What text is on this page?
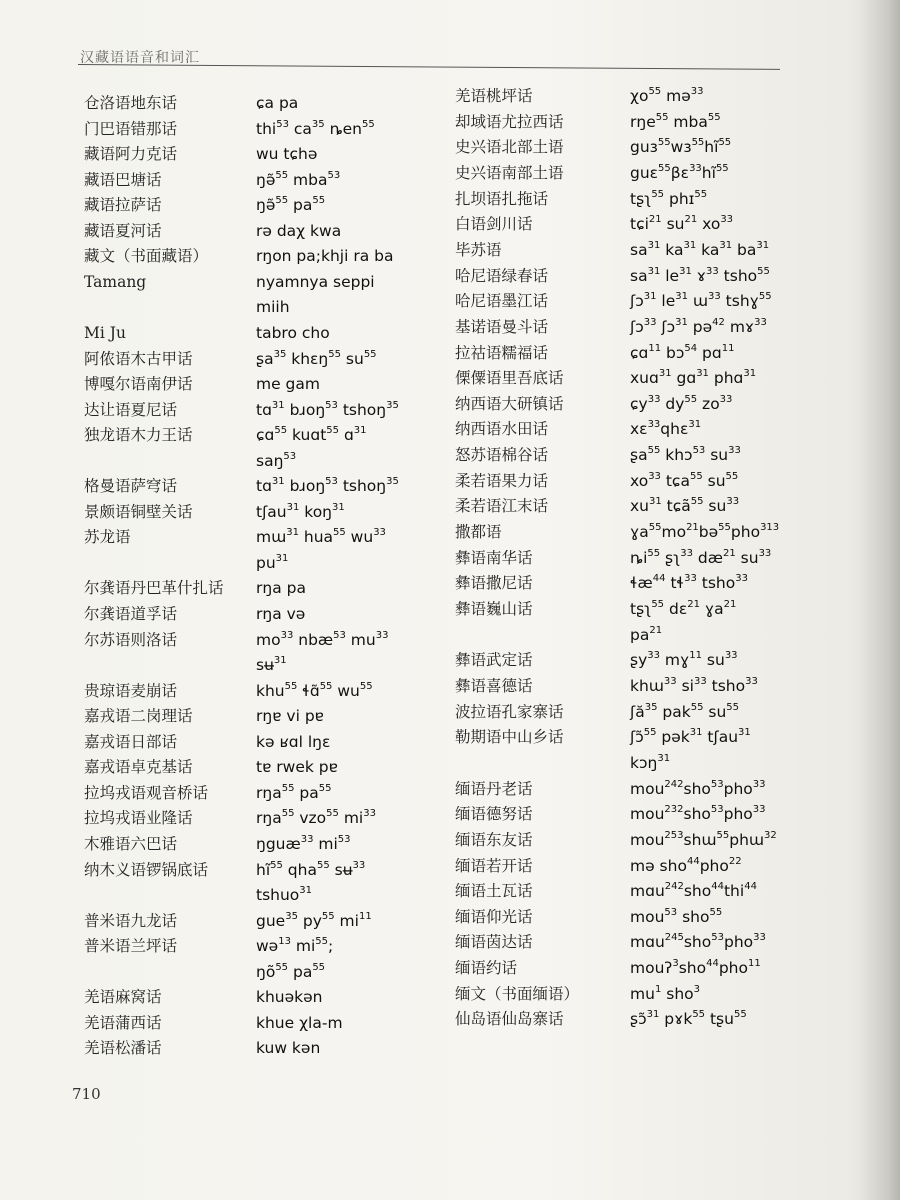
汉藏语语音和词汇
仓洛语地东话	ɕa pa
门巴语错那话	thi$^{53}$ $ca^{35}$ ȵen$^{55}$
藏语阿力克话	wu tɕhə
藏语巴塘话	ŋə̃$^{55}$ mba$^{53}$
藏语拉萨话	ŋə̃$^{55}$ $pa^{55}$
藏语夏河话	rə daχ kwa
藏文（书面藏语）	rŋon pa;khji ra ba
Tamang	nyamnya seppi
miih
Mi Ju	tabro cho
阿侬语木古甲话	ʂa$^{35}$ khɛŋ$^{55}$ $su^{55}$
博嘎尔语南伊话	me gam
达让语夏尼话	tɑ$^{31}$ bɹoŋ$^{53}$ tshoŋ$^{35}$
独龙语木力王话	ɕɑ$^{55}$ kuɑt$^{55}$ ɑ$^{31}$
saŋ$^{53}$
格曼语萨穹话	tɑ$^{31}$ bɹoŋ$^{53}$ tshoŋ$^{35}$
景颇语铜壁关话	tʃau$^{31}$ koŋ$^{31}$
苏龙语	mɯ$^{31}$ hua$^{55}$ $wu^{33}$
$pu^{31}$
尔龚语丹巴革什扎话 rŋa pa
尔龚语道孚话	rŋa və
尔苏语则洛话	$mo^{33}$ nbæ$^{53}$ $mu^{33}$
sʉ$^{31}$
贵琼语麦崩话	khu$^{55}$ ɬɑ̃$^{55}$ $wu^{55}$
嘉戎语二岗理话	rŋɐ vi pɐ
嘉戎语日部话	kə ʁɑl lŋɛ
嘉戎语卓克基话	tɐ rwek pɐ
拉坞戎语观音桥话	rŋa$^{55}$ $pa^{55}$
拉坞戎语业隆话	rŋa$^{55}$ vzo$^{55}$ $mi^{33}$
木雅语六巴话	ŋguæ$^{33}$ $mi^{53}$
纳木义语锣锅底话	$hĩ^{55}$ qha$^{55}$ sʉ$^{33}$
tshuo$^{31}$
普米语九龙话	gue$^{35}$ $py^{55}$ $mi^{11}$
普米语兰坪话	wə$^{13}$ $mi^{55}$;
$ŋõ^{55}$ $pa^{55}$
羌语麻窝话	khuəkən
羌语蒲西话	khue χla-m
羌语松潘话	kuw kən
羌语桃坪话	$\chi o^{55}$ mə$^{33}$
却域语尤拉西话	rŋe$^{55}$ mba$^{55}$
史兴语北部土语	$guɜ^{55}wɜ^{55}hĩ^{55}$
史兴语南部土语	$guɛ^{55}\beta ɛ^{33}hĩ^{55}$
扎坝语扎拖话	tʂʅ$^{55}$ phɪ$^{55}$
白语剑川话	tɕi$^{21}$ $su^{21}$ $xo^{33}$
毕苏语	$sa^{31}$ $ka^{31}$ $ka^{31}$ $ba^{31}$
哈尼语绿春话	$sa^{31}$ $le^{31}$ ɤ$^{33}$ tsho$^{55}$
哈尼语墨江话	ʃɔ$^{31}$ $le^{31}$ ɯ$^{33}$ tshɣ$^{55}$
基诺语曼斗话	ʃɔ$^{33}$ ʃɔ$^{31}$ pə$^{42}$ mɤ$^{33}$
拉祜语糯福话	ɕɑ$^{11}$ bɔ$^{54}$ pɑ$^{11}$
傈僳语里吾底话	xuɑ$^{31}$ gɑ$^{31}$ phɑ$^{31}$
纳西语大研镇话	ɕy$^{33}$ $dy^{55}$ $zo^{33}$
纳西语水田话	xɛ$^{33}$qhɛ$^{31}$
怒苏语棉谷话	ʂa$^{55}$ khɔ$^{53}$ $su^{33}$
柔若语果力话	$xo^{33}$ tɕa$^{55}$ $su^{55}$
柔若语江末话	$xu^{31}$ tɕã$^{55}$ $su^{33}$
撒都语	$ɣa^{55}mo^{21}bə^{55}pho^{313}$
彝语南华话	$ȵi^{55}$ ʂʅ$^{33}$ $dæ^{21}$ $su^{33}$
彝语撒尼话	ɬæ$^{44}$ tɬ$^{33}$ tsho$^{33}$
彝语巍山话	tʂʅ$^{55}$ dɛ$^{21}$ ɣa$^{21}$
$pa^{21}$
彝语武定话	ʂy$^{33}$ mɣ$^{11}$ $su^{33}$
彝语喜德话	khɯ$^{33}$ $si^{33}$ tsho$^{33}$
波拉语孔家寨话	ʃă$^{35}$ pak$^{55}$ $su^{55}$
勒期语中山乡话	ʃɔ̃$^{55}$ pək$^{31}$ tʃau$^{31}$
kɔŋ$^{31}$
缅语丹老话	mou$^{242}$sho$^{53}$pho$^{33}$
缅语德努话	mou$^{232}$sho$^{53}$pho$^{33}$
缅语东友话	mou$^{253}$shɯ$^{55}$phɯ$^{32}$
缅语若开话	mə sho$^{44}$pho$^{22}$
缅语土瓦话	mɑu$^{242}$sho$^{44}$thi$^{44}$
缅语仰光话	mou$^{53}$ sho$^{55}$
缅语茵达话	mɑu$^{245}$sho$^{53}$pho$^{33}$
缅语约话	mouʔ$^3$sho$^{44}$pho$^{11}$
缅文（书面缅语）	$mu^1$ sho$^3$
仙岛语仙岛寨话	ʂɔ̃$^{31}$ pɤk$^{55}$ tʂu$^{55}$
710
